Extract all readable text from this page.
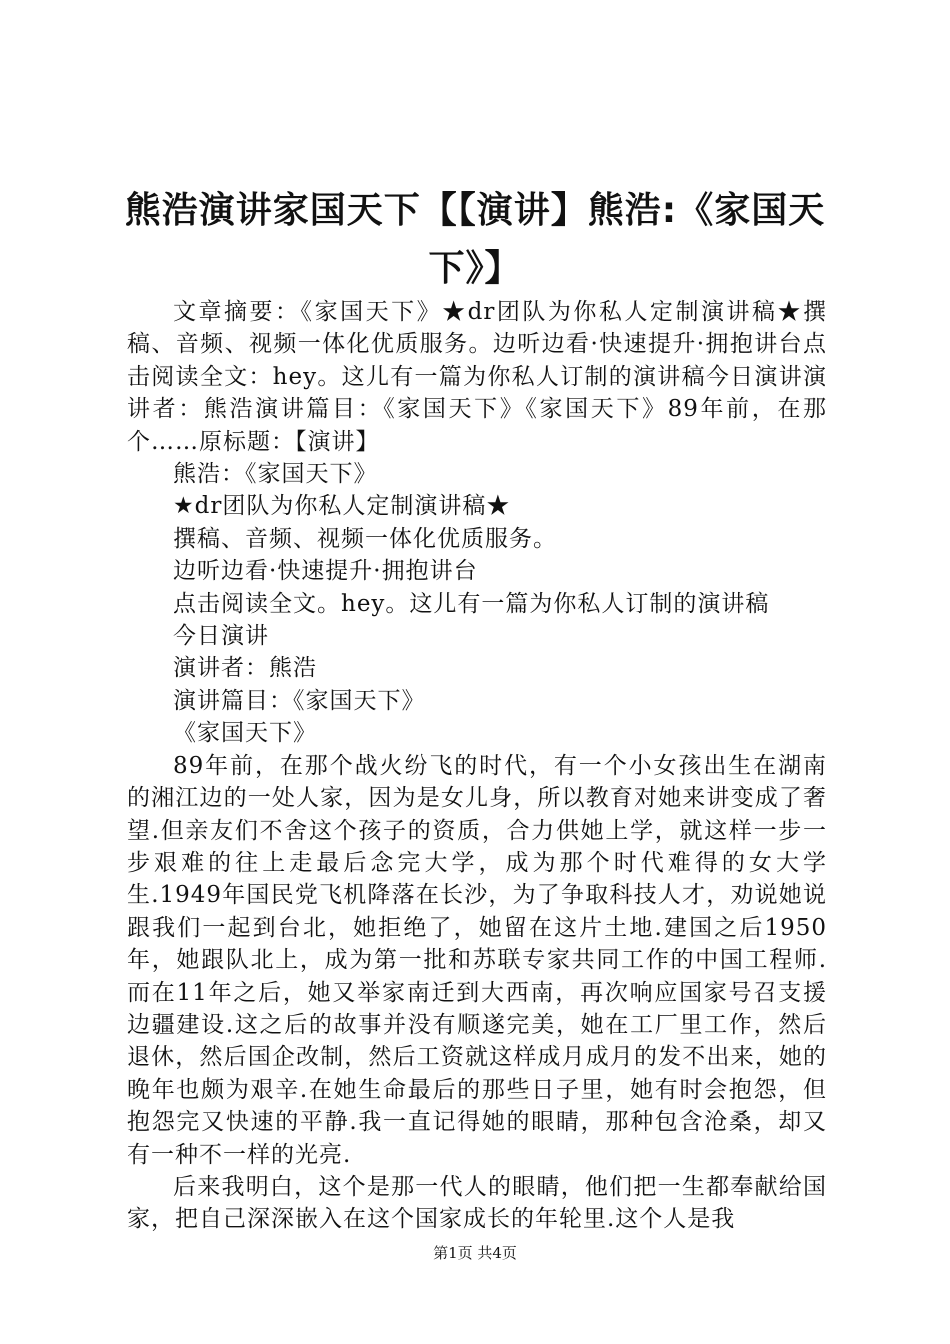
熊浩演讲家国天下【【演讲】熊浩:《家国天下》】

文章摘要：《家国天下》★dr团队为你私人定制演讲稿★撰稿、音频、视频一体化优质服务。边听边看·快速提升·拥抱讲台点击阅读全文：hey。这儿有一篇为你私人订制的演讲稿今日演讲演讲者：熊浩演讲篇目：《家国天下》《家国天下》89年前，在那个……原标题：【演讲】

熊浩：《家国天下》

★dr团队为你私人定制演讲稿★

撰稿、音频、视频一体化优质服务。

边听边看·快速提升·拥抱讲台

点击阅读全文。hey。这儿有一篇为你私人订制的演讲稿

今日演讲

演讲者：熊浩

演讲篇目：《家国天下》

《家国天下》

89年前，在那个战火纷飞的时代，有一个小女孩出生在湖南的湘江边的一处人家，因为是女儿身，所以教育对她来讲变成了奢望.但亲友们不舍这个孩子的资质，合力供她上学，就这样一步一步艰难的往上走最后念完大学，成为那个时代难得的女大学生.1949年国民党飞机降落在长沙，为了争取科技人才，劝说她说跟我们一起到台北，她拒绝了，她留在这片土地.建国之后1950年，她跟队北上，成为第一批和苏联专家共同工作的中国工程师.而在11年之后，她又举家南迁到大西南，再次响应国家号召支援边疆建设.这之后的故事并没有顺遂完美，她在工厂里工作，然后退休，然后国企改制，然后工资就这样成月成月的发不出来，她的晚年也颇为艰辛.在她生命最后的那些日子里，她有时会抱怨，但抱怨完又快速的平静.我一直记得她的眼睛，那种包含沧桑，却又有一种不一样的光亮.

后来我明白，这个是那一代人的眼睛，他们把一生都奉献给国家，把自己深深嵌入在这个国家成长的年轮里.这个人是我

第1页 共4页
